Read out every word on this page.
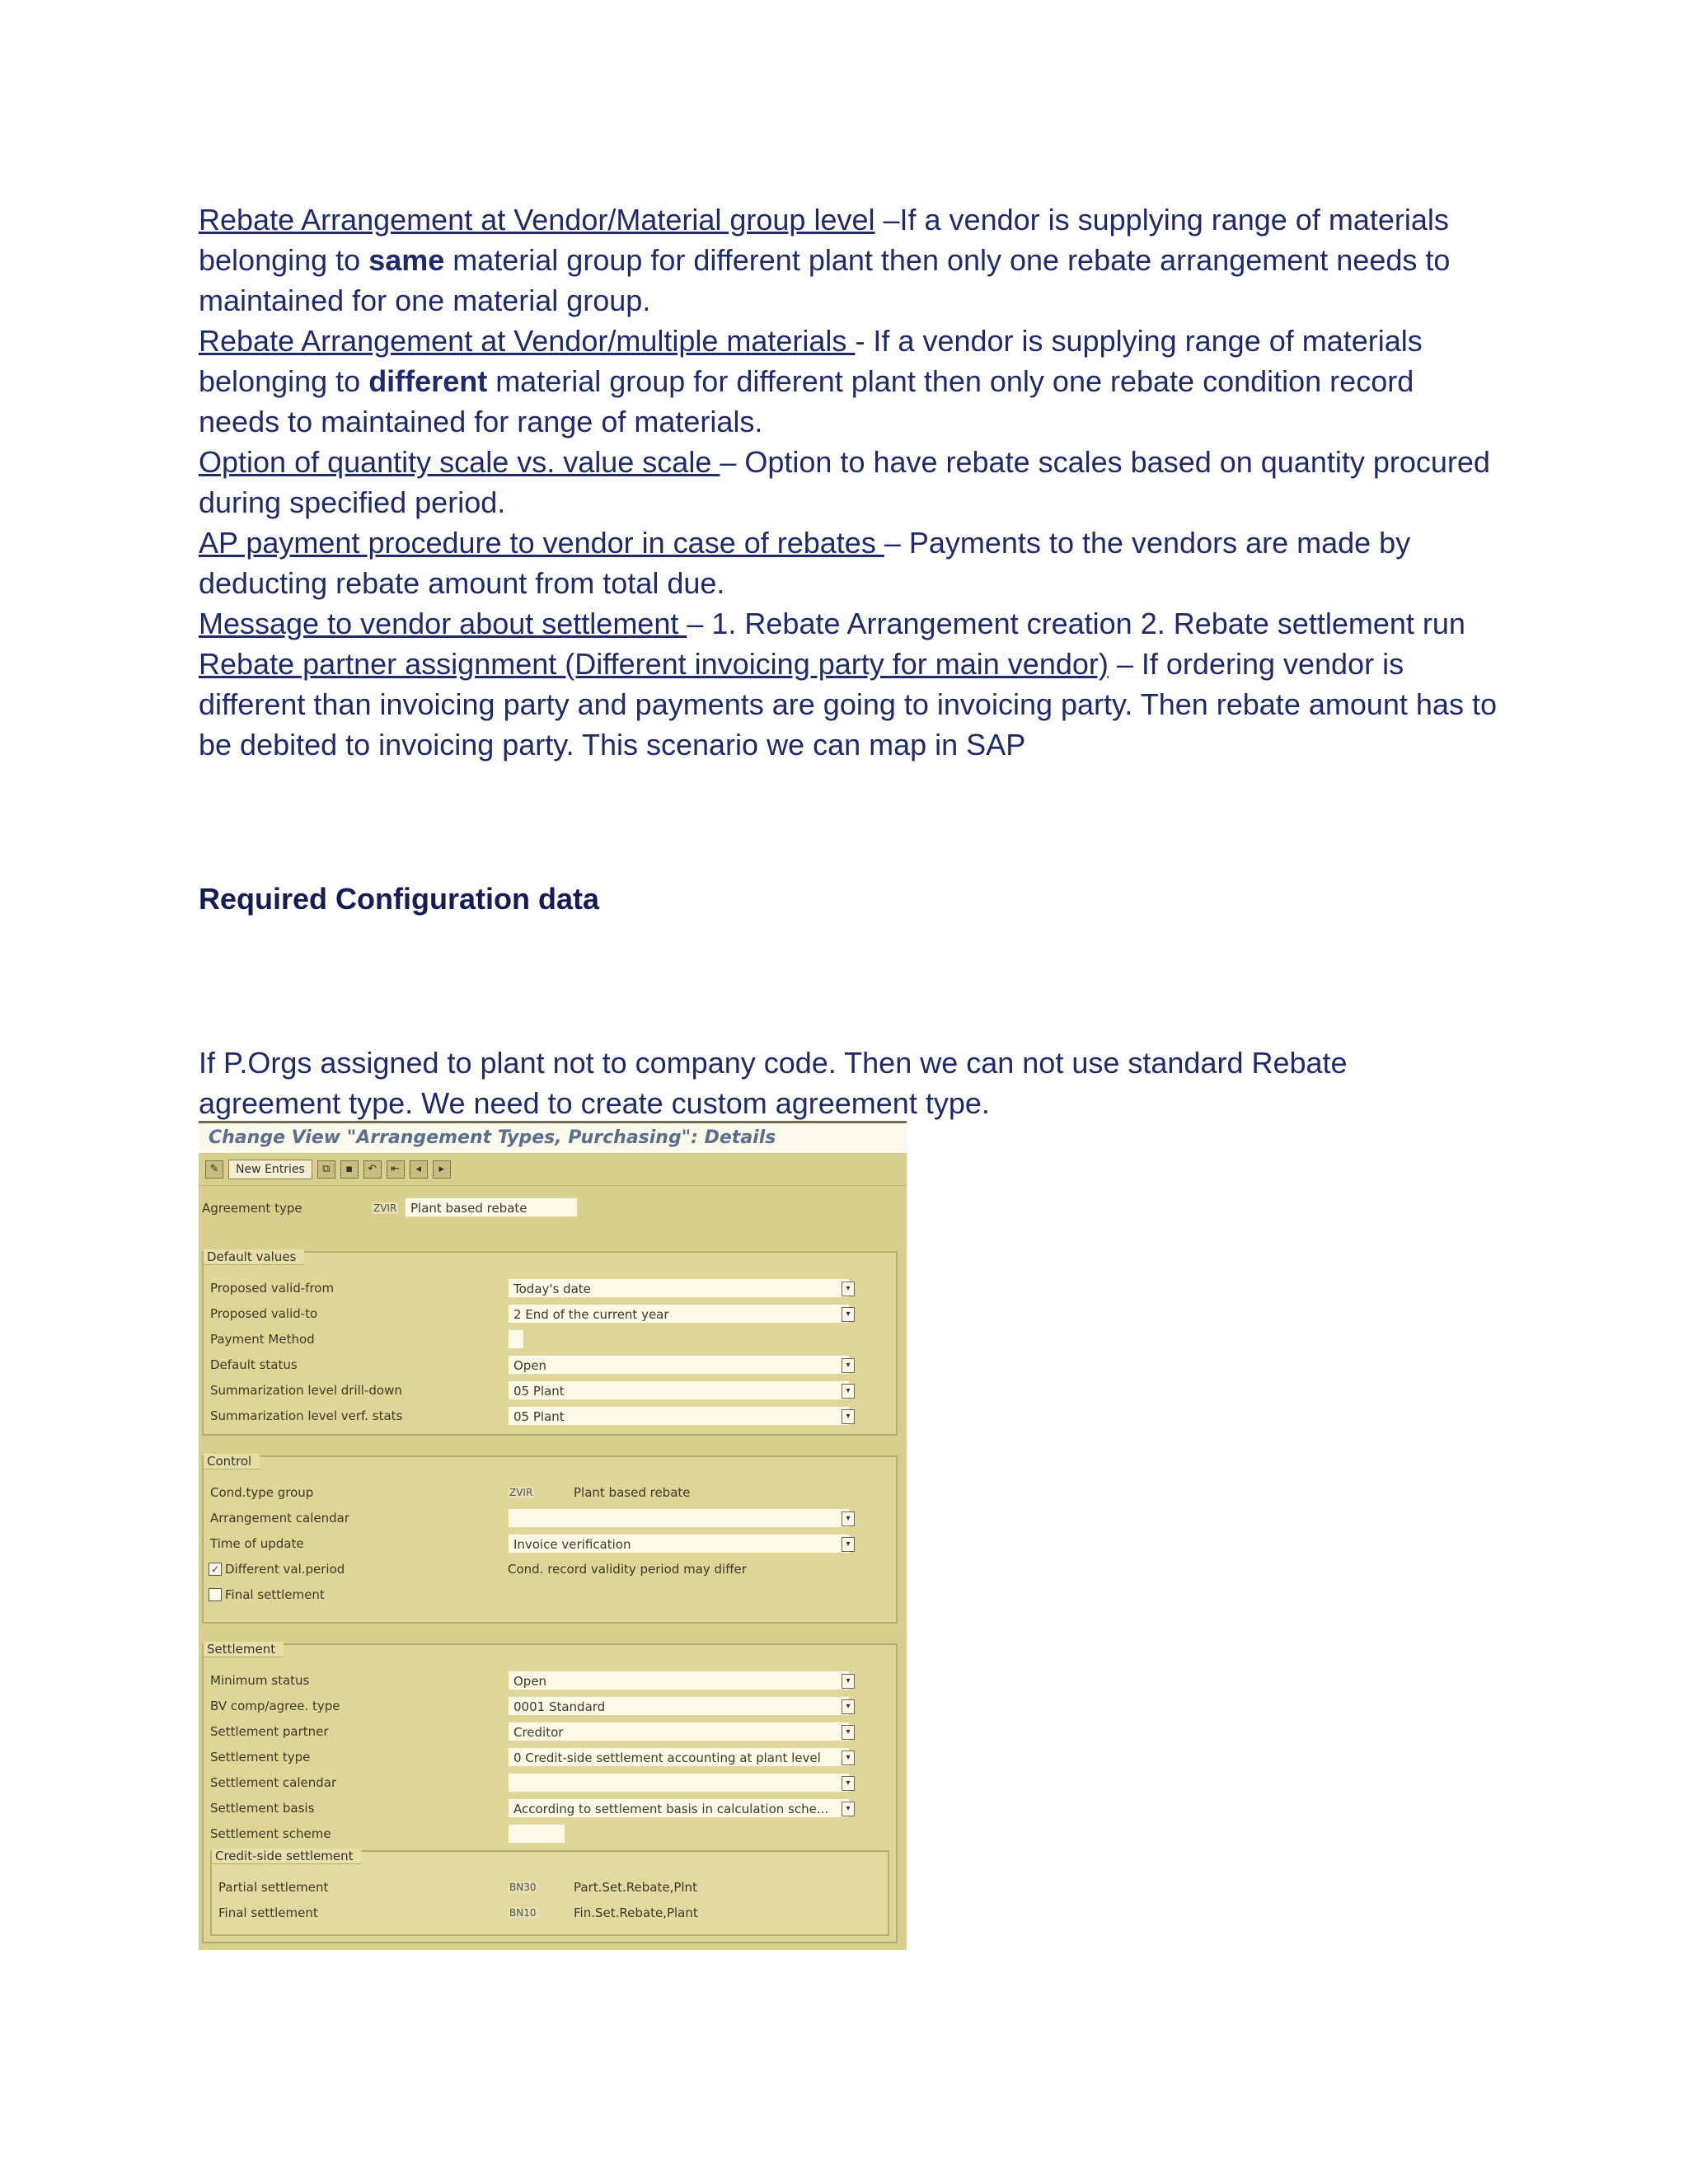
Rebate Arrangement at Vendor/Material group level –If a vendor is supplying range of materials belonging to same material group for different plant then only one rebate arrangement needs to maintained for one material group.

Rebate Arrangement at Vendor/multiple materials - If a vendor is supplying range of materials belonging to different material group for different plant then only one rebate condition record needs to maintained for range of materials.

Option of quantity scale vs. value scale – Option to have rebate scales based on quantity procured during specified period.

AP payment procedure to vendor in case of rebates – Payments to the vendors are made by deducting rebate amount from total due.

Message to vendor about settlement – 1. Rebate Arrangement creation 2. Rebate settlement run

Rebate partner assignment (Different invoicing party for main vendor) – If ordering vendor is different than invoicing party and payments are going to invoicing party. Then rebate amount has to be debited to invoicing party. This scenario we can map in SAP

Required Configuration data
If P.Orgs assigned to plant not to company code. Then we can not use standard Rebate agreement type. We need to create custom agreement type.
Change View "Arrangement Types, Purchasing": Details
✎	New Entries	⧉	▪	↶	⇤	◂	▸
Agreement type	ZVIR	Plant based rebate
Default values
Proposed valid-from	Today's date	▾
Proposed valid-to	2 End of the current year	▾
Payment Method
Default status	Open	▾
Summarization level drill-down	05 Plant	▾
Summarization level verf. stats	05 Plant	▾
Control
Cond.type group	ZVIR	Plant based rebate
Arrangement calendar	▾
Time of update	Invoice verification	▾
✓ Different val.period	Cond. record validity period may differ
Final settlement
Settlement
Minimum status	Open	▾
BV comp/agree. type	0001 Standard	▾
Settlement partner	Creditor	▾
Settlement type	0 Credit-side settlement accounting at plant level	▾
Settlement calendar	▾
Settlement basis	According to settlement basis in calculation sche...	▾
Settlement scheme
Credit-side settlement
Partial settlement	BN30	Part.Set.Rebate,Plnt
Final settlement	BN10	Fin.Set.Rebate,Plant
